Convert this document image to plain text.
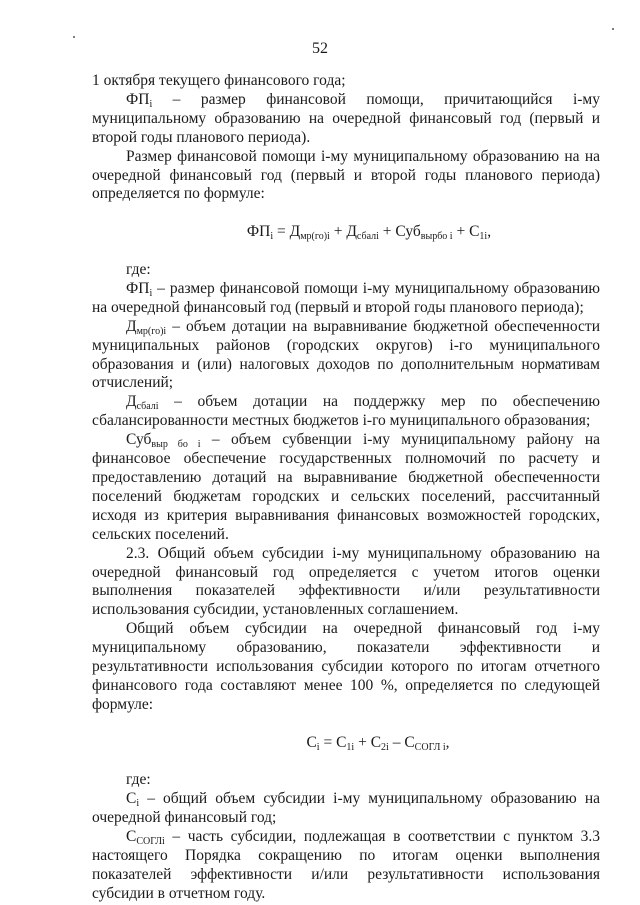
52

1 октября текущего финансового года;

$ФП_i$ – размер финансовой помощи, причитающийся i-му муниципальному образованию на очередной финансовый год (первый и второй годы планового периода).

Размер финансовой помощи i-му муниципальному образованию на на очередной финансовый год (первый и второй годы планового периода) определяется по формуле:

$ФП_i = Д_{мр(го)i} + Д_{сбалi} + Суб_{вырбо i} + С_{1i}$,

где:

$ФП_i$ – размер финансовой помощи i-му муниципальному образованию на очередной финансовый год (первый и второй годы планового периода);

$Д_{мр(го)i}$ – объем дотации на выравнивание бюджетной обеспеченности муниципальных районов (городских округов) i-го муниципального образования и (или) налоговых доходов по дополнительным нормативам отчислений;

$Д_{сбалi}$ – объем дотации на поддержку мер по обеспечению сбалансированности местных бюджетов i-го муниципального образования;

Суб$_{выр бо i}$ – объем субвенции i-му муниципальному району на финансовое обеспечение государственных полномочий по расчету и предоставлению дотаций на выравнивание бюджетной обеспеченности поселений бюджетам городских и сельских поселений, рассчитанный исходя из критерия выравнивания финансовых возможностей городских, сельских поселений.

2.3. Общий объем субсидии i-му муниципальному образованию на очередной финансовый год определяется с учетом итогов оценки выполнения показателей эффективности и/или результативности использования субсидии, установленных соглашением.

Общий объем субсидии на очередной финансовый год i-му муниципальному образованию, показатели эффективности и результативности использования субсидии которого по итогам отчетного финансового года составляют менее 100 %, определяется по следующей формуле:

$С_i = С_{1i} + С_{2i} - С_{СОГЛ i}$,

где:

$С_i$ – общий объем субсидии i-му муниципальному образованию на очередной финансовый год;

$С_{СОГЛi}$ – часть субсидии, подлежащая в соответствии с пунктом 3.3 настоящего Порядка сокращению по итогам оценки выполнения показателей эффективности и/или результативности использования субсидии в отчетном году.
